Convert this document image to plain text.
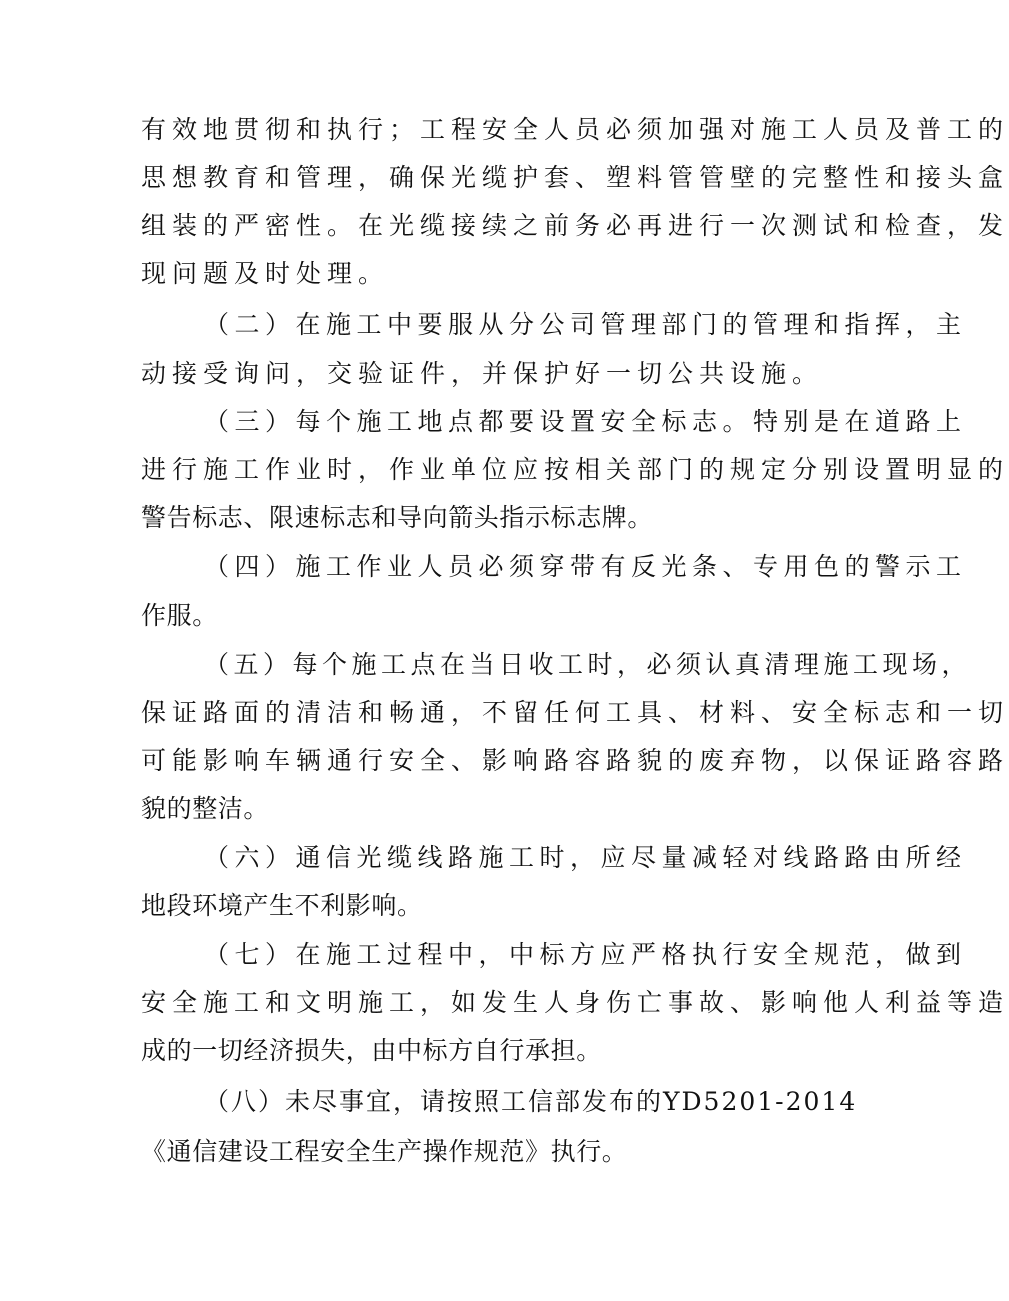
有效地贯彻和执行；工程安全人员必须加强对施工人员及普工的
思想教育和管理，确保光缆护套、塑料管管壁的完整性和接头盒
组装的严密性。在光缆接续之前务必再进行一次测试和检查，发
现问题及时处理。
（二）在施工中要服从分公司管理部门的管理和指挥，主
动接受询问，交验证件，并保护好一切公共设施。
（三）每个施工地点都要设置安全标志。特别是在道路上
进行施工作业时，作业单位应按相关部门的规定分别设置明显的
警告标志、限速标志和导向箭头指示标志牌。
（四）施工作业人员必须穿带有反光条、专用色的警示工
作服。
（五）每个施工点在当日收工时，必须认真清理施工现场，
保证路面的清洁和畅通，不留任何工具、材料、安全标志和一切
可能影响车辆通行安全、影响路容路貌的废弃物，以保证路容路
貌的整洁。
（六）通信光缆线路施工时，应尽量减轻对线路路由所经
地段环境产生不利影响。
（七）在施工过程中，中标方应严格执行安全规范，做到
安全施工和文明施工，如发生人身伤亡事故、影响他人利益等造
成的一切经济损失，由中标方自行承担。
（八）未尽事宜，请按照工信部发布的YD5201-2014
《通信建设工程安全生产操作规范》执行。
